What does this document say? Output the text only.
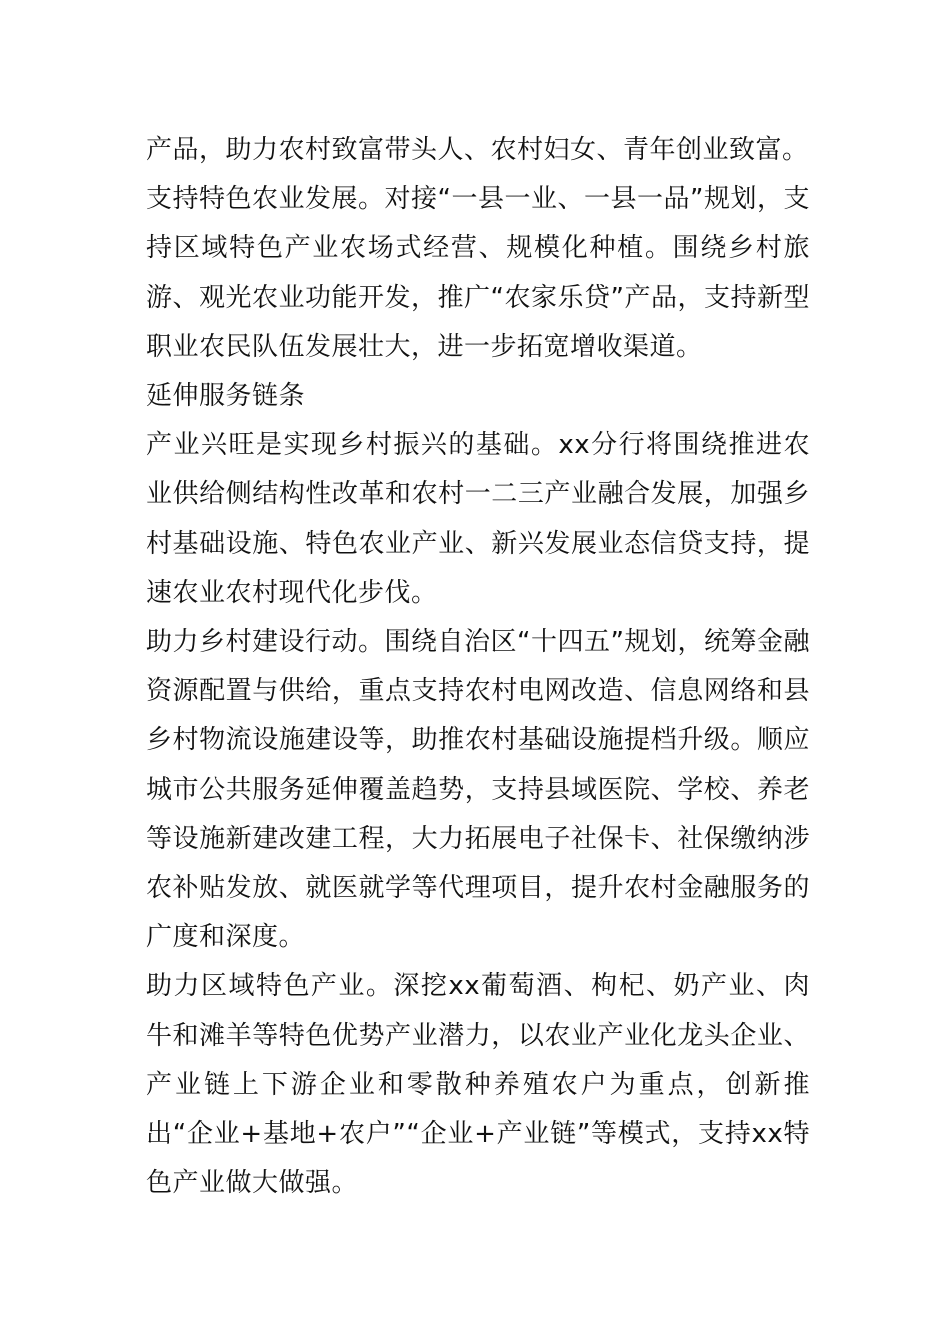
产品，助力农村致富带头人、农村妇女、青年创业致富。

支持特色农业发展。对接“一县一业、一县一品”规划，支持区域特色产业农场式经营、规模化种植。围绕乡村旅游、观光农业功能开发，推广“农家乐贷”产品，支持新型职业农民队伍发展壮大，进一步拓宽增收渠道。

延伸服务链条

产业兴旺是实现乡村振兴的基础。xx分行将围绕推进农业供给侧结构性改革和农村一二三产业融合发展，加强乡村基础设施、特色农业产业、新兴发展业态信贷支持，提速农业农村现代化步伐。

助力乡村建设行动。围绕自治区“十四五”规划，统筹金融资源配置与供给，重点支持农村电网改造、信息网络和县乡村物流设施建设等，助推农村基础设施提档升级。顺应城市公共服务延伸覆盖趋势，支持县域医院、学校、养老等设施新建改建工程，大力拓展电子社保卡、社保缴纳涉农补贴发放、就医就学等代理项目，提升农村金融服务的广度和深度。

助力区域特色产业。深挖xx葡萄酒、枸杞、奶产业、肉牛和滩羊等特色优势产业潜力，以农业产业化龙头企业、产业链上下游企业和零散种养殖农户为重点，创新推出“企业+基地+农户”“企业+产业链”等模式，支持xx特色产业做大做强。
